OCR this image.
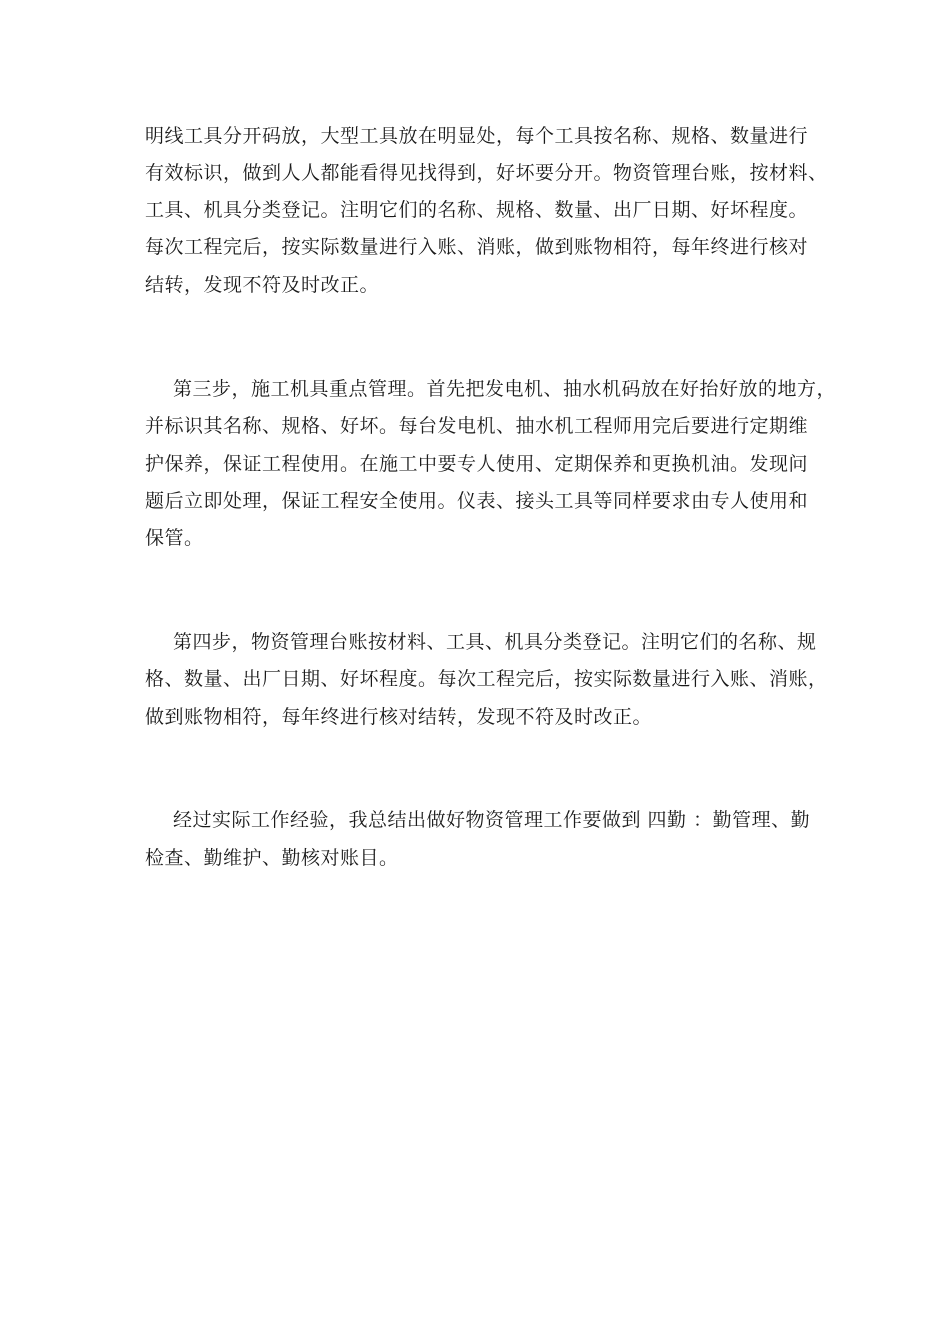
明线工具分开码放，大型工具放在明显处，每个工具按名称、规格、数量进行
有效标识，做到人人都能看得见找得到，好坏要分开。物资管理台账，按材料、
工具、机具分类登记。注明它们的名称、规格、数量、出厂日期、好坏程度。
每次工程完后，按实际数量进行入账、消账，做到账物相符，每年终进行核对
结转，发现不符及时改正。
第三步，施工机具重点管理。首先把发电机、抽水机码放在好抬好放的地方，
并标识其名称、规格、好坏。每台发电机、抽水机工程师用完后要进行定期维
护保养，保证工程使用。在施工中要专人使用、定期保养和更换机油。发现问
题后立即处理，保证工程安全使用。仪表、接头工具等同样要求由专人使用和
保管。
第四步，物资管理台账按材料、工具、机具分类登记。注明它们的名称、规
格、数量、出厂日期、好坏程度。每次工程完后，按实际数量进行入账、消账，
做到账物相符，每年终进行核对结转，发现不符及时改正。
经过实际工作经验，我总结出做好物资管理工作要做到 四勤 ：勤管理、勤
检查、勤维护、勤核对账目。
